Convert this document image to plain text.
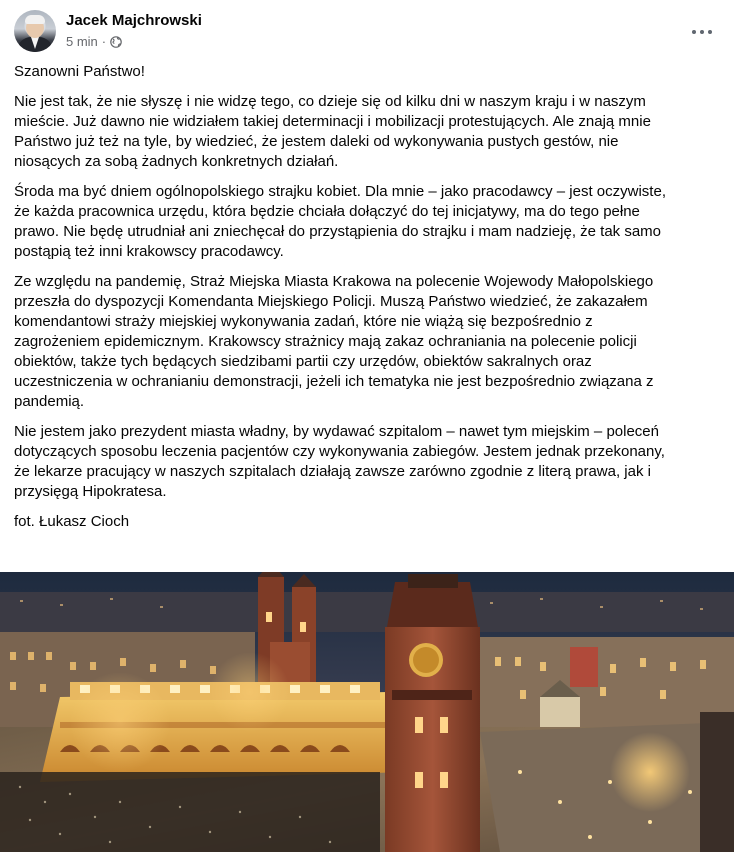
Jacek Majchrowski
5 min ·

Szanowni Państwo!

Nie jest tak, że nie słyszę i nie widzę tego, co dzieje się od kilku dni w naszym kraju i w naszym
mieście. Już dawno nie widziałem takiej determinacji i mobilizacji protestujących. Ale znają mnie
Państwo już też na tyle, by wiedzieć, że jestem daleki od wykonywania pustych gestów, nie
niosących za sobą żadnych konkretnych działań.

Środa ma być dniem ogólnopolskiego strajku kobiet. Dla mnie – jako pracodawcy – jest oczywiste,
że każda pracownica urzędu, która będzie chciała dołączyć do tej inicjatywy, ma do tego pełne
prawo. Nie będę utrudniał ani zniechęcał do przystąpienia do strajku i mam nadzieję, że tak samo
postąpią też inni krakowscy pracodawcy.

Ze względu na pandemię, Straż Miejska Miasta Krakowa na polecenie Wojewody Małopolskiego
przeszła do dyspozycji Komendanta Miejskiego Policji. Muszą Państwo wiedzieć, że zakazałem
komendantowi straży miejskiej wykonywania zadań, które nie wiążą się bezpośrednio z
zagrożeniem epidemicznym. Krakowscy strażnicy mają zakaz ochraniania na polecenie policji
obiektów, także tych będących siedzibami partii czy urzędów, obiektów sakralnych oraz
uczestniczenia w ochranianiu demonstracji, jeżeli ich tematyka nie jest bezpośrednio związana z
pandemią.

Nie jestem jako prezydent miasta władny, by wydawać szpitalom – nawet tym miejskim – poleceń
dotyczących sposobu leczenia pacjentów czy wykonywania zabiegów. Jestem jednak przekonany,
że lekarze pracujący w naszych szpitalach działają zawsze zarówno zgodnie z literą prawa, jak i
przysięgą Hipokratesa.

fot. Łukasz Cioch
